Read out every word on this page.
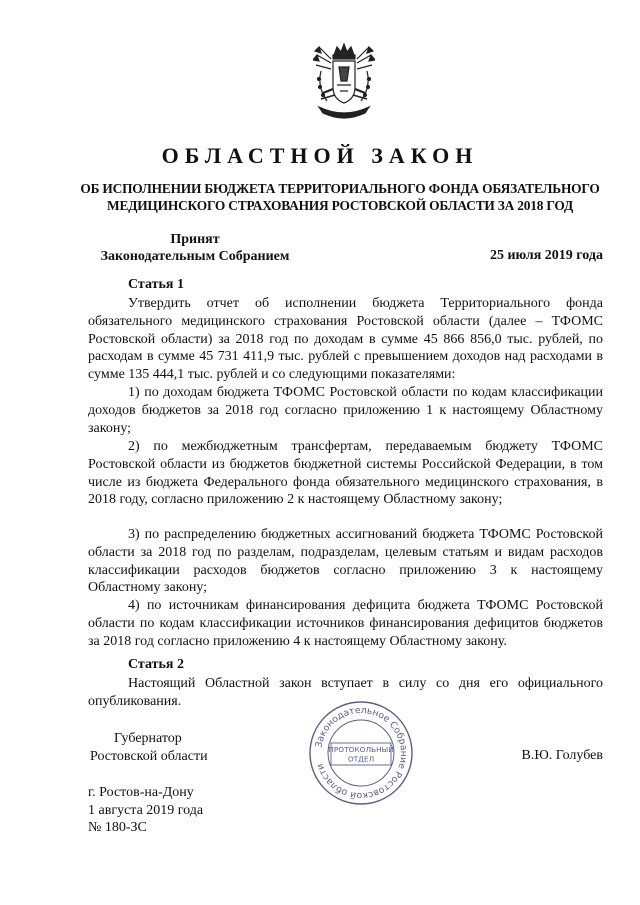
ОБЛАСТНОЙ ЗАКОН
ОБ ИСПОЛНЕНИИ БЮДЖЕТА ТЕРРИТОРИАЛЬНОГО ФОНДА ОБЯЗАТЕЛЬНОГО
МЕДИЦИНСКОГО СТРАХОВАНИЯ РОСТОВСКОЙ ОБЛАСТИ ЗА 2018 ГОД
Принят
Законодательным Собранием	25 июля 2019 года
Статья 1
Утвердить отчет об исполнении бюджета Территориального фонда обязательного медицинского страхования Ростовской области (далее – ТФОМС Ростовской области) за 2018 год по доходам в сумме 45 866 856,0 тыс. рублей, по расходам в сумме 45 731 411,9 тыс. рублей с превышением доходов над расходами в сумме 135 444,1 тыс. рублей и со следующими показателями:
1) по доходам бюджета ТФОМС Ростовской области по кодам классификации доходов бюджетов за 2018 год согласно приложению 1 к настоящему Областному закону;
2) по межбюджетным трансфертам, передаваемым бюджету ТФОМС Ростовской области из бюджетов бюджетной системы Российской Федерации, в том числе из бюджета Федерального фонда обязательного медицинского страхования, в 2018 году, согласно приложению 2 к настоящему Областному закону;
3) по распределению бюджетных ассигнований бюджета ТФОМС Ростовской области за 2018 год по разделам, подразделам, целевым статьям и видам расходов классификации расходов бюджетов согласно приложению 3 к настоящему Областному закону;
4) по источникам финансирования дефицита бюджета ТФОМС Ростовской области по кодам классификации источников финансирования дефицитов бюджетов за 2018 год согласно приложению 4 к настоящему Областному закону.
Статья 2
Настоящий Областной закон вступает в силу со дня его официального опубликования.
Законодательное Собрание Ростовской области
ПРОТОКОЛЬНЫЙ
ОТДЕЛ
Губернатор
Ростовской области	В.Ю. Голубев
г. Ростов-на-Дону
1 августа 2019 года
№ 180-ЗС
